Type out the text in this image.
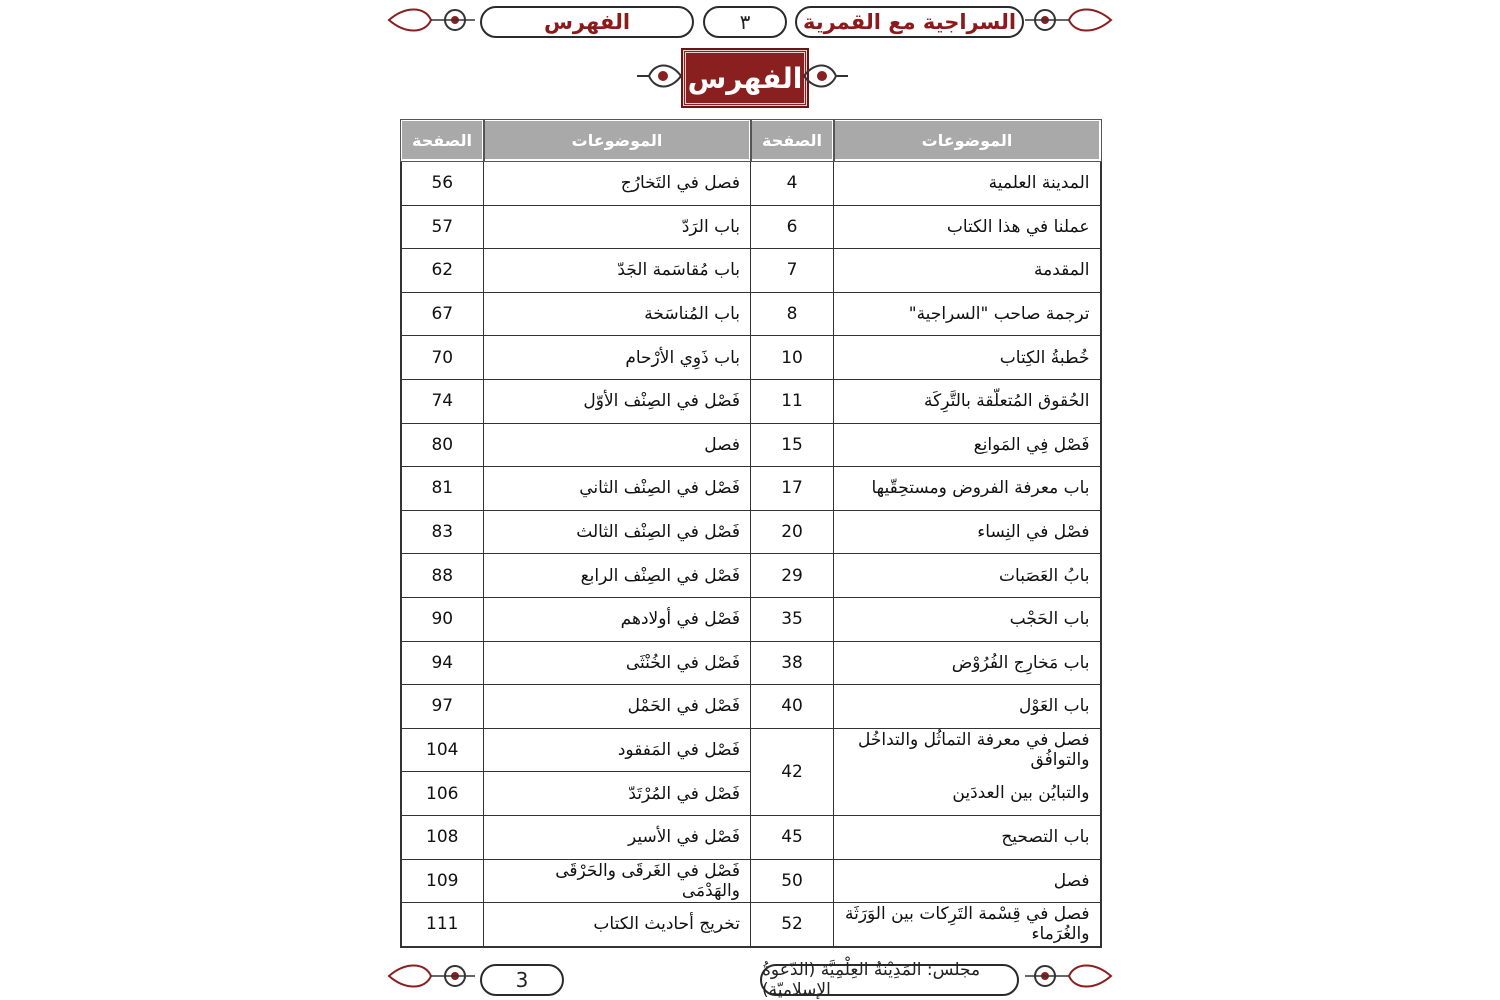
الفهرس	٣	السراجية مع القمرية
الفهرس
الموضوعات	الصفحة	الموضوعات	الصفحة
المدينة العلمية	4	فصل في التَخارُج	56
عملنا في هذا الكتاب	6	باب الرَدّ	57
المقدمة	7	باب مُقاسَمة الجَدّ	62
ترجمة صاحب "السراجية"	8	باب المُناسَخة	67
خُطبةُ الكِتاب	10	باب ذَوِي الأرْحام	70
الحُقوق المُتعلّقة بالتَّرِكَة	11	فَصْل في الصِنْف الأوّل	74
فَصْل فِي المَوانِع	15	فصل	80
باب معرفة الفروض ومستحِقّيها	17	فَصْل في الصِنْف الثاني	81
فصْل في النِساء	20	فَصْل في الصِنْف الثالث	83
بابُ العَصَبات	29	فَصْل في الصِنْف الرابع	88
باب الحَجْب	35	فَصْل في أولادهم	90
باب مَخارِج الفُرُوْض	38	فَصْل في الخُنْثَى	94
باب العَوْل	40	فَصْل في الحَمْل	97
فصل في معرفة التماثُل والتداخُل والتوافُق	42	فَصْل في المَفقود	104
والتبايُن بين العددَين		فَصْل في المُرْتَدّ	106
باب التصحيح	45	فَصْل في الأسير	108
فصل	50	فَصْل في الغَرقَى والحَرْقَى والهَدْمَى	109
فصل في قِسْمة التَرِكات بين الوَرَثَة والغُرَماء	52	تخريج أحاديث الكتاب	111
3	مجلس: المَدِيْنَةُ العِلْمِيَّة (الدّعوةُ الإسلاميّة)
